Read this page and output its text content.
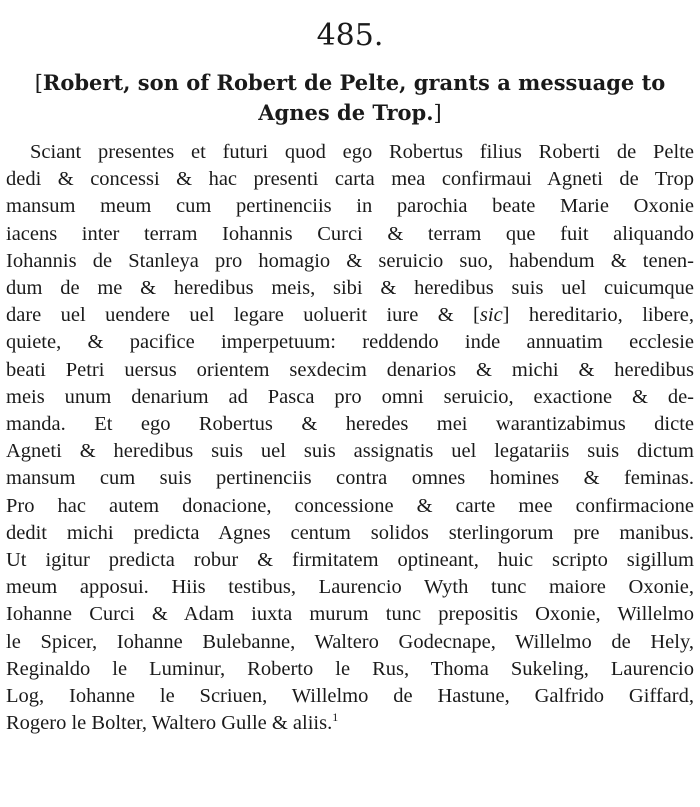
485.
[Robert, son of Robert de Pelte, grants a messuage to
Agnes de Trop.]
Sciant presentes et futuri quod ego Robertus filius Roberti de Pelte
dedi & concessi & hac presenti carta mea confirmaui Agneti de Trop
mansum meum cum pertinenciis in parochia beate Marie Oxonie
iacens inter terram Iohannis Curci & terram que fuit aliquando
Iohannis de Stanleya pro homagio & seruicio suo, habendum & tenen-
dum de me & heredibus meis, sibi & heredibus suis uel cuicumque
dare uel uendere uel legare uoluerit iure & [sic] hereditario, libere,
quiete, & pacifice imperpetuum: reddendo inde annuatim ecclesie
beati Petri uersus orientem sexdecim denarios & michi & heredibus
meis unum denarium ad Pasca pro omni seruicio, exactione & de-
manda. Et ego Robertus & heredes mei warantizabimus dicte
Agneti & heredibus suis uel suis assignatis uel legatariis suis dictum
mansum cum suis pertinenciis contra omnes homines & feminas.
Pro hac autem donacione, concessione & carte mee confirmacione
dedit michi predicta Agnes centum solidos sterlingorum pre manibus.
Ut igitur predicta robur & firmitatem optineant, huic scripto sigillum
meum apposui. Hiis testibus, Laurencio Wyth tunc maiore Oxonie,
Iohanne Curci & Adam iuxta murum tunc prepositis Oxonie, Willelmo
le Spicer, Iohanne Bulebanne, Waltero Godecnape, Willelmo de Hely,
Reginaldo le Luminur, Roberto le Rus, Thoma Sukeling, Laurencio
Log, Iohanne le Scriuen, Willelmo de Hastune, Galfrido Giffard,
Rogero le Bolter, Waltero Gulle & aliis.$^1$
